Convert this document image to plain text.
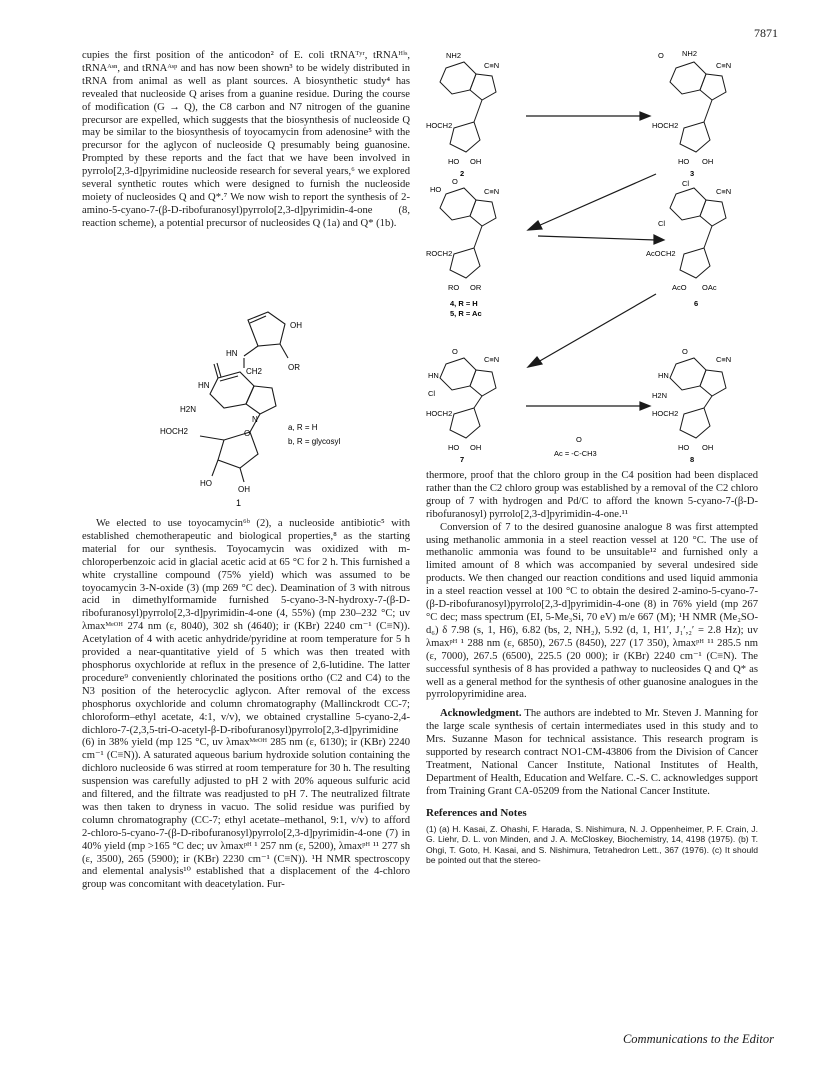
7871

cupies the first position of the anticodon² of E. coli tRNAᵀʸʳ, tRNAᴴⁱˢ, tRNAᴬˢⁿ, and tRNAᴬˢᵖ and has now been shown³ to be widely distributed in tRNA from animal as well as plant sources. A biosynthetic study⁴ has revealed that nucleoside Q arises from a guanine residue. During the course of modification (G → Q), the C8 carbon and N7 nitrogen of the guanine precursor are expelled, which suggests that the biosynthesis of nucleoside Q may be similar to the biosynthesis of toyocamycin from adenosine⁵ with the precursor for the aglycon of nucleoside Q presumably being guanosine. Prompted by these reports and the fact that we have been involved in pyrrolo[2,3-d]pyrimidine nucleoside research for several years,⁶ we explored several synthetic routes which were designed to furnish the nucleoside moiety of nucleosides Q and Q*.⁷ We now wish to report the synthesis of 2-amino-5-cyano-7-(β-D-ribofuranosyl)pyrrolo[2,3-d]pyrimidin-4-one (8, reaction scheme), a potential precursor of nucleosides Q (1a) and Q* (1b).

OH
OR
HN
CH2
HN
H2N
N
O
HOCH2
HO
OH
a, R = H
b, R = glycosyl
1
NH2
C≡N
HOCH2
HO OH
2
O NH2
C≡N
HOCH2
HO OH
3
HO
O
C≡N
ROCH2
RO OR
4, R = H
5, R = Ac
Cl
C≡N
Cl
AcOCH2
AcO OAc
6
O
C≡N
HN
Cl
HOCH2
HO OH
7
O
Ac = -C-CH3
O
C≡N
HN
H2N
HOCH2
HO OH
8

We elected to use toyocamycin⁶ᵇ (2), a nucleoside antibiotic⁵ with established chemotherapeutic and biological properties,⁸ as the starting material for our synthesis. Toyocamycin was oxidized with m-chloroperbenzoic acid in glacial acetic acid at 65 °C for 2 h. This furnished a white crystalline compound (75% yield) which was assumed to be toyocamycin 3-N-oxide (3) (mp 269 °C dec). Deamination of 3 with nitrous acid in dimethylformamide furnished 5-cyano-3-N-hydroxy-7-(β-D-ribofuranosyl)pyrrolo[2,3-d]pyrimidin-4-one (4, 55%) (mp 230–232 °C; uv λmaxᴹᵉᴼᴴ 274 nm (ε, 8040), 302 sh (4640); ir (KBr) 2240 cm⁻¹ (C≡N)). Acetylation of 4 with acetic anhydride/pyridine at room temperature for 5 h provided a near-quantitative yield of 5 which was then treated with phosphorus oxychloride at reflux in the presence of 2,6-lutidine. The latter procedure⁹ conveniently chlorinated the positions ortho (C2 and C4) to the N3 position of the heterocyclic aglycon. After removal of the excess phosphorus oxychloride and column chromatography (Mallinckrodt CC-7; chloroform–ethyl acetate, 4:1, v/v), we obtained crystalline 5-cyano-2,4-dichloro-7-(2,3,5-tri-O-acetyl-β-D-ribofuranosyl)pyrrolo[2,3-d]pyrimidine (6) in 38% yield (mp 125 °C, uv λmaxᴹᵉᴼᴴ 285 nm (ε, 6130); ir (KBr) 2240 cm⁻¹ (C≡N)). A saturated aqueous barium hydroxide solution containing the dichloro nucleoside 6 was stirred at room temperature for 30 h. The resulting suspension was carefully adjusted to pH 2 with 20% aqueous sulfuric acid and filtered, and the filtrate was readjusted to pH 7. The neutralized filtrate was then taken to dryness in vacuo. The solid residue was purified by column chromatography (CC-7; ethyl acetate–methanol, 9:1, v/v) to afford 2-chloro-5-cyano-7-(β-D-ribofuranosyl)pyrrolo[2,3-d]pyrimidin-4-one (7) in 40% yield (mp >165 °C dec; uv λmaxᵖᴴ ¹ 257 nm (ε, 5200), λmaxᵖᴴ ¹¹ 277 sh (ε, 3500), 265 (5900); ir (KBr) 2230 cm⁻¹ (C≡N)). ¹H NMR spectroscopy and elemental analysis¹⁰ established that a displacement of the 4-chloro group was concomitant with deacetylation. Fur-

thermore, proof that the chloro group in the C4 position had been displaced rather than the C2 chloro group was established by a removal of the C2 chloro group of 7 with hydrogen and Pd/C to afford the known 5-cyano-7-(β-D-ribofuranosyl) pyrrolo[2,3-d]pyrimidin-4-one.¹¹

Conversion of 7 to the desired guanosine analogue 8 was first attempted using methanolic ammonia in a steel reaction vessel at 120 °C. The use of methanolic ammonia was found to be unsuitable¹² and furnished only a limited amount of 8 which was accompanied by several undesired side products. We then changed our reaction conditions and used liquid ammonia in a steel reaction vessel at 100 °C to obtain the desired 2-amino-5-cyano-7-(β-D-ribofuranosyl)pyrrolo[2,3-d]pyrimidin-4-one (8) in 76% yield (mp 267 °C dec; mass spectrum (EI, 5-Me₃Si, 70 eV) m/e 667 (M); ¹H NMR (Me₂SO-d₆) δ 7.98 (s, 1, H6), 6.82 (bs, 2, NH₂), 5.92 (d, 1, H1′, J₁′,₂′ = 2.8 Hz); uv λmaxᵖᴴ ¹ 288 nm (ε, 6850), 267.5 (8450), 227 (17 350), λmaxᵖᴴ ¹¹ 285.5 nm (ε, 7000), 267.5 (6500), 225.5 (20 000); ir (KBr) 2240 cm⁻¹ (C≡N). The successful synthesis of 8 has provided a pathway to nucleosides Q and Q* as well as a general method for the synthesis of other guanosine analogues in the pyrrolopyrimidine area.

Acknowledgment. The authors are indebted to Mr. Steven J. Manning for the large scale synthesis of certain intermediates used in this study and to Mrs. Suzanne Mason for technical assistance. This research program is supported by research contract NO1-CM-43806 from the Division of Cancer Treatment, National Cancer Institute, National Institutes of Health, Department of Health, Education and Welfare. C.-S. C. acknowledges support from Training Grant CA-05209 from the National Cancer Institute.

References and Notes

(1) (a) H. Kasai, Z. Ohashi, F. Harada, S. Nishimura, N. J. Oppenheimer, P. F. Crain, J. G. Liehr, D. L. von Minden, and J. A. McCloskey, Biochemistry, 14, 4198 (1975). (b) T. Ohgi, T. Goto, H. Kasai, and S. Nishimura, Tetrahedron Lett., 367 (1976). (c) It should be pointed out that the stereo-

Communications to the Editor
